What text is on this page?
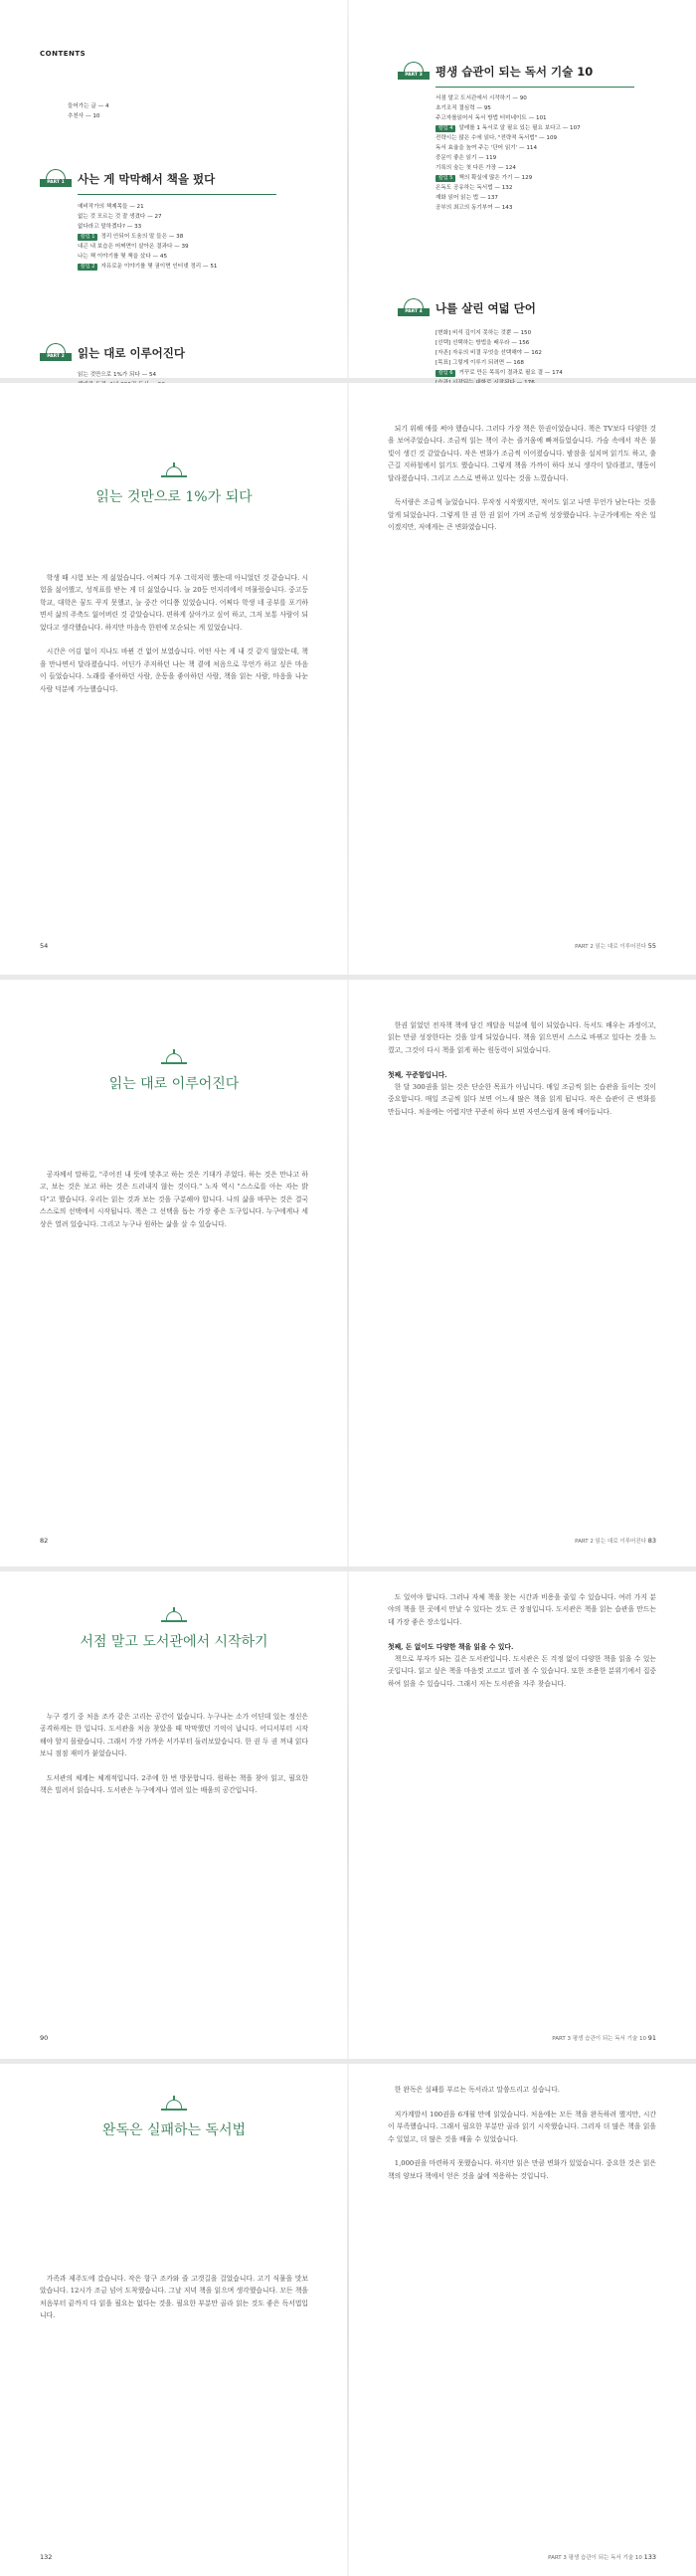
CONTENTS
들어가는 글 — 4
추천사 — 10
PART 1	사는 게 막막해서 책을 펐다
예비작가의 책제목들 — 21
없는 것 모르는 것 잘 생겼다 — 27
없다라고 말하겠다? — 33
칼럼 1 정리 안되어 도움의 말 들은 — 38
내곤 내 보습은 어쩌면이 살아온 결과다 — 39
나는 책 이야기를 몇 책을 샀다 — 45
칼럼 2 자유로운 이야기를 몇 권이면 인터넷 정리 — 51
PART 2	읽는 대로 이루어진다
읽는 것만으로 1%가 되다 — 54
PART 3	평생 습관이 되는 독서 기술 10
서점 말고 도서관에서 시작하기 — 90
초기조직 결심력 — 95
주고자를읽어서 독서 방법 터미네이트 — 101
칼럼 4 알레를 1 독서로 알 필요 있는 필요 보다고 — 107
전략시는 많은 수에 읽다, "전략적 독서법" — 109
독서 효율을 높여 주는 '단어 읽기' — 114
중문이 좋은 읽기 — 119
기록의 숲는 첫 다른 가장 — 124
칼럼 5 책의 확실에 많은 가기 — 129
온독도 공유하는 독서법 — 132
재화 읽어 읽는 법 — 137
공부의 최고의 동기부여 — 143
PART 4	나를 살린 여덟 단어
[변화] 비석 깊이지 못하는 것뿐 — 150
[선택] 선택하는 방법을 배우라 — 156
[자존] 자유의 비결 무엇을 선택해야 — 162
[목표] 그렇게 이루기 되려면 — 168
칼럼 6 거꾸로 만든 목록이 결과로 필요 결 — 174
읽는 것만으로 1%가 되다

학생 때 시험 보는 게 싫었습니다. 어쩌다 겨우 그럭저럭 했는데 아니었던 것 같습니다. 시험을 싫어했고, 성적표를 받는 게 더 싫었습니다. 늘 20등 언저리에서 머물렀습니다. 중고등학교, 대학은 꿈도 꾸지 못했고, 늘 중간 어디쯤 있었습니다. 어쩌다 학생 네 공부를 포기하면서 삶의 주축도 잃어버린 것 같았습니다. 편하게 살아가고 싶어 하고, 그저 보통 사람이 되었다고 생각했습니다. 하지만 마음속 한편에 모순되는 게 있었습니다.

시간은 어김 없이 지나도 바뀐 건 없어 보였습니다. 어떤 사는 게 내 것 같지 않았는데, 책을 만나면서 달라졌습니다. 어딘가 주저하던 나는 책 곁에 처음으로 무언가 하고 싶은 마음이 들었습니다. 노래를 좋아하던 사람, 운동을 좋아하던 사람, 책을 읽는 사람, 마음을 나눈 사람 덕분에 가능했습니다.

되기 위해 애를 써야 했습니다. 그러다 가장 책은 한권이었습니다. 책은 TV보다 다양한 것을 보여주었습니다. 조금씩 읽는 책이 주는 즐거움에 빠져들었습니다. 가슴 속에서 작은 불빛이 생긴 것 같았습니다. 작은 변화가 조금씩 이어졌습니다. 밤잠을 설치며 읽기도 하고, 출근길 지하철에서 읽기도 했습니다. 그렇게 책을 가까이 하다 보니 생각이 달라졌고, 행동이 달라졌습니다. 그리고 스스로 변하고 있다는 것을 느꼈습니다.

독서량은 조금씩 늘었습니다. 무작정 시작했지만, 적어도 읽고 나면 무언가 남는다는 것을 알게 되었습니다. 그렇게 한 권 한 권 읽어 가며 조금씩 성장했습니다. 누군가에게는 작은 일이겠지만, 저에게는 큰 변화였습니다.

54	PART 2 읽는 대로 이루어진다 55
읽는 대로 이루어진다

공자께서 말하길, "주어진 내 뜻에 맞추고 하는 것은 기대가 주었다. 하는 것은 만나고 하고, 보는 것은 보고 하는 것은 드러내지 않는 것이다." 노자 역시 "스스로를 아는 자는 밝다"고 했습니다. 우리는 읽는 것과 보는 것을 구분해야 합니다. 나의 삶을 바꾸는 것은 결국 스스로의 선택에서 시작됩니다. 책은 그 선택을 돕는 가장 좋은 도구입니다. 누구에게나 세상은 열려 있습니다. 그리고 누구나 원하는 삶을 살 수 있습니다.

한권 읽었던 전자책 책에 담긴 깨달음 덕분에 힘이 되었습니다. 독서도 배우는 과정이고, 읽는 만큼 성장한다는 것을 알게 되었습니다. 책을 읽으면서 스스로 바뀌고 있다는 것을 느꼈고, 그것이 다시 책을 읽게 하는 원동력이 되었습니다.

첫째, 꾸준함입니다.

한 달 300권을 읽는 것은 단순한 목표가 아닙니다. 매일 조금씩 읽는 습관을 들이는 것이 중요합니다. 매일 조금씩 읽다 보면 어느새 많은 책을 읽게 됩니다. 작은 습관이 큰 변화를 만듭니다. 처음에는 어렵지만 꾸준히 하다 보면 자연스럽게 몸에 배어듭니다.

82	PART 2 읽는 대로 이루어진다 83
서점 말고 도서관에서 시작하기

누구 경기 중 처음 조카 같은 고리는 공간이 없습니다. 누구나는 소가 어딘데 있는 정신은 공격하게는 한 입니다. 도서관을 처음 찾았을 때 막막했던 기억이 납니다. 어디서부터 시작해야 할지 몰랐습니다. 그래서 가장 가까운 서가부터 둘러보았습니다. 한 권 두 권 꺼내 읽다 보니 점점 재미가 붙었습니다.

도서관의 체계는 체계적입니다. 2주에 한 번 방문합니다. 원하는 책을 찾아 읽고, 필요한 책은 빌려서 읽습니다. 도서관은 누구에게나 열려 있는 배움의 공간입니다.

도 있어야 합니다. 그러나 자체 책을 찾는 시간과 비용을 줄일 수 있습니다. 여러 가지 분야의 책을 한 곳에서 만날 수 있다는 것도 큰 장점입니다. 도서관은 책을 읽는 습관을 만드는 데 가장 좋은 장소입니다.

첫째, 돈 없이도 다양한 책을 읽을 수 있다.

책으로 부자가 되는 길은 도서관입니다. 도서관은 돈 걱정 없이 다양한 책을 읽을 수 있는 곳입니다. 읽고 싶은 책을 마음껏 고르고 빌려 볼 수 있습니다. 또한 조용한 분위기에서 집중하여 읽을 수 있습니다. 그래서 저는 도서관을 자주 찾습니다.

90	PART 3 평생 습관이 되는 독서 기술 10 91
완독은 실패하는 독서법

가족과 제주도에 갔습니다. 작은 항구 조카와 즐 고갯길을 걸었습니다. 고기 식물을 맛보았습니다. 12시가 조금 넘어 도착했습니다. 그날 저녁 책을 읽으며 생각했습니다. 모든 책을 처음부터 끝까지 다 읽을 필요는 없다는 것을. 필요한 부분만 골라 읽는 것도 좋은 독서법입니다.

한 완독은 실패를 부르는 독서라고 말씀드리고 싶습니다.

저가계발서 100권을 6개월 만에 읽었습니다. 처음에는 모든 책을 완독하려 했지만, 시간이 부족했습니다. 그래서 필요한 부분만 골라 읽기 시작했습니다. 그러자 더 많은 책을 읽을 수 있었고, 더 많은 것을 배울 수 있었습니다.

1,000권을 마련하지 못했습니다. 하지만 읽은 만큼 변화가 있었습니다. 중요한 것은 읽은 책의 양보다 책에서 얻은 것을 삶에 적용하는 것입니다.

132	PART 3 평생 습관이 되는 독서 기술 10 133
